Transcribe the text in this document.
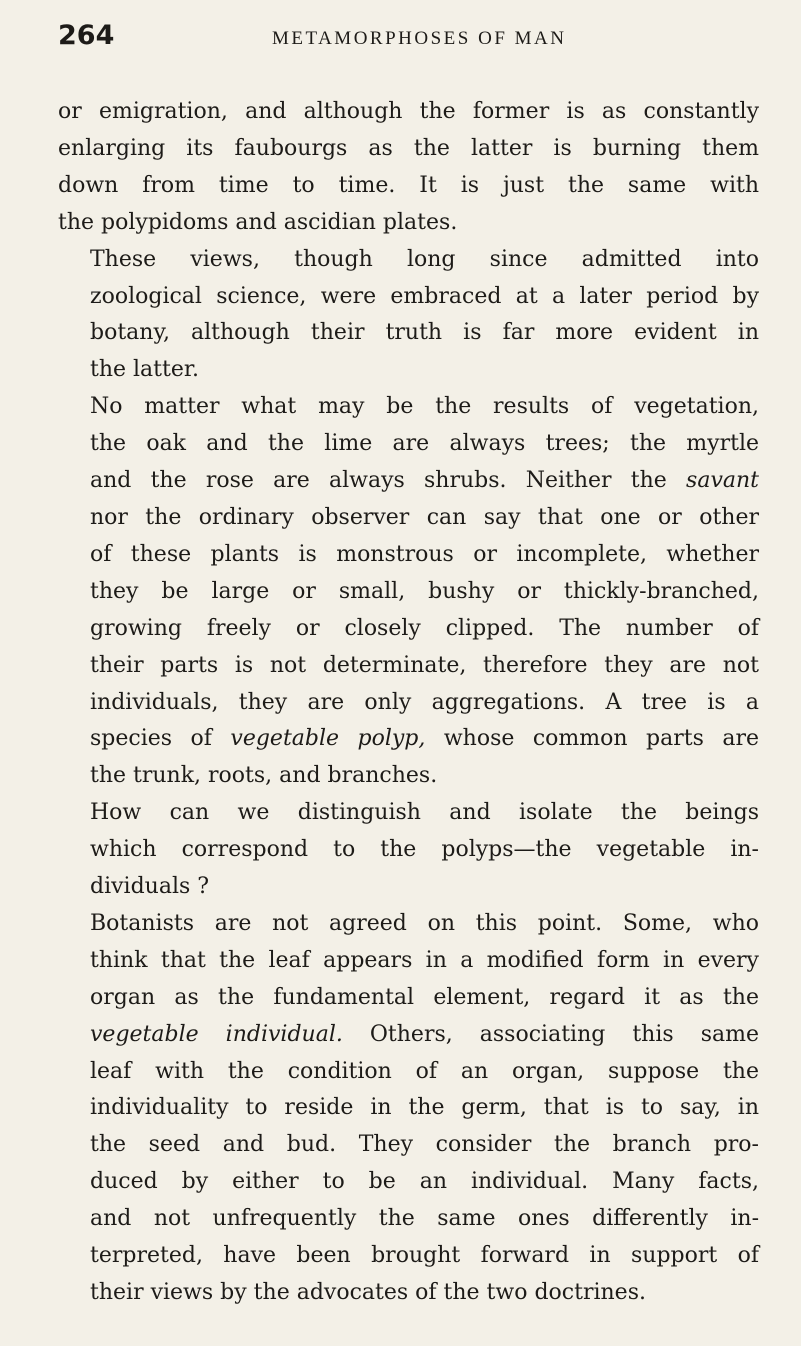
264	METAMORPHOSES OF MAN

or emigration, and although the former is as constantly
enlarging its faubourgs as the latter is burning them
down from time to time. It is just the same with
the polypidoms and ascidian plates.

These views, though long since admitted into
zoological science, were embraced at a later period by
botany, although their truth is far more evident in
the latter.

No matter what may be the results of vegetation,
the oak and the lime are always trees; the myrtle
and the rose are always shrubs. Neither the savant
nor the ordinary observer can say that one or other
of these plants is monstrous or incomplete, whether
they be large or small, bushy or thickly-branched,
growing freely or closely clipped. The number of
their parts is not determinate, therefore they are not
individuals, they are only aggregations. A tree is a
species of vegetable polyp, whose common parts are
the trunk, roots, and branches.

How can we distinguish and isolate the beings
which correspond to the polyps—the vegetable in-
dividuals ?

Botanists are not agreed on this point. Some, who
think that the leaf appears in a modified form in every
organ as the fundamental element, regard it as the
vegetable individual. Others, associating this same
leaf with the condition of an organ, suppose the
individuality to reside in the germ, that is to say, in
the seed and bud. They consider the branch pro-
duced by either to be an individual. Many facts,
and not unfrequently the same ones differently in-
terpreted, have been brought forward in support of
their views by the advocates of the two doctrines.
